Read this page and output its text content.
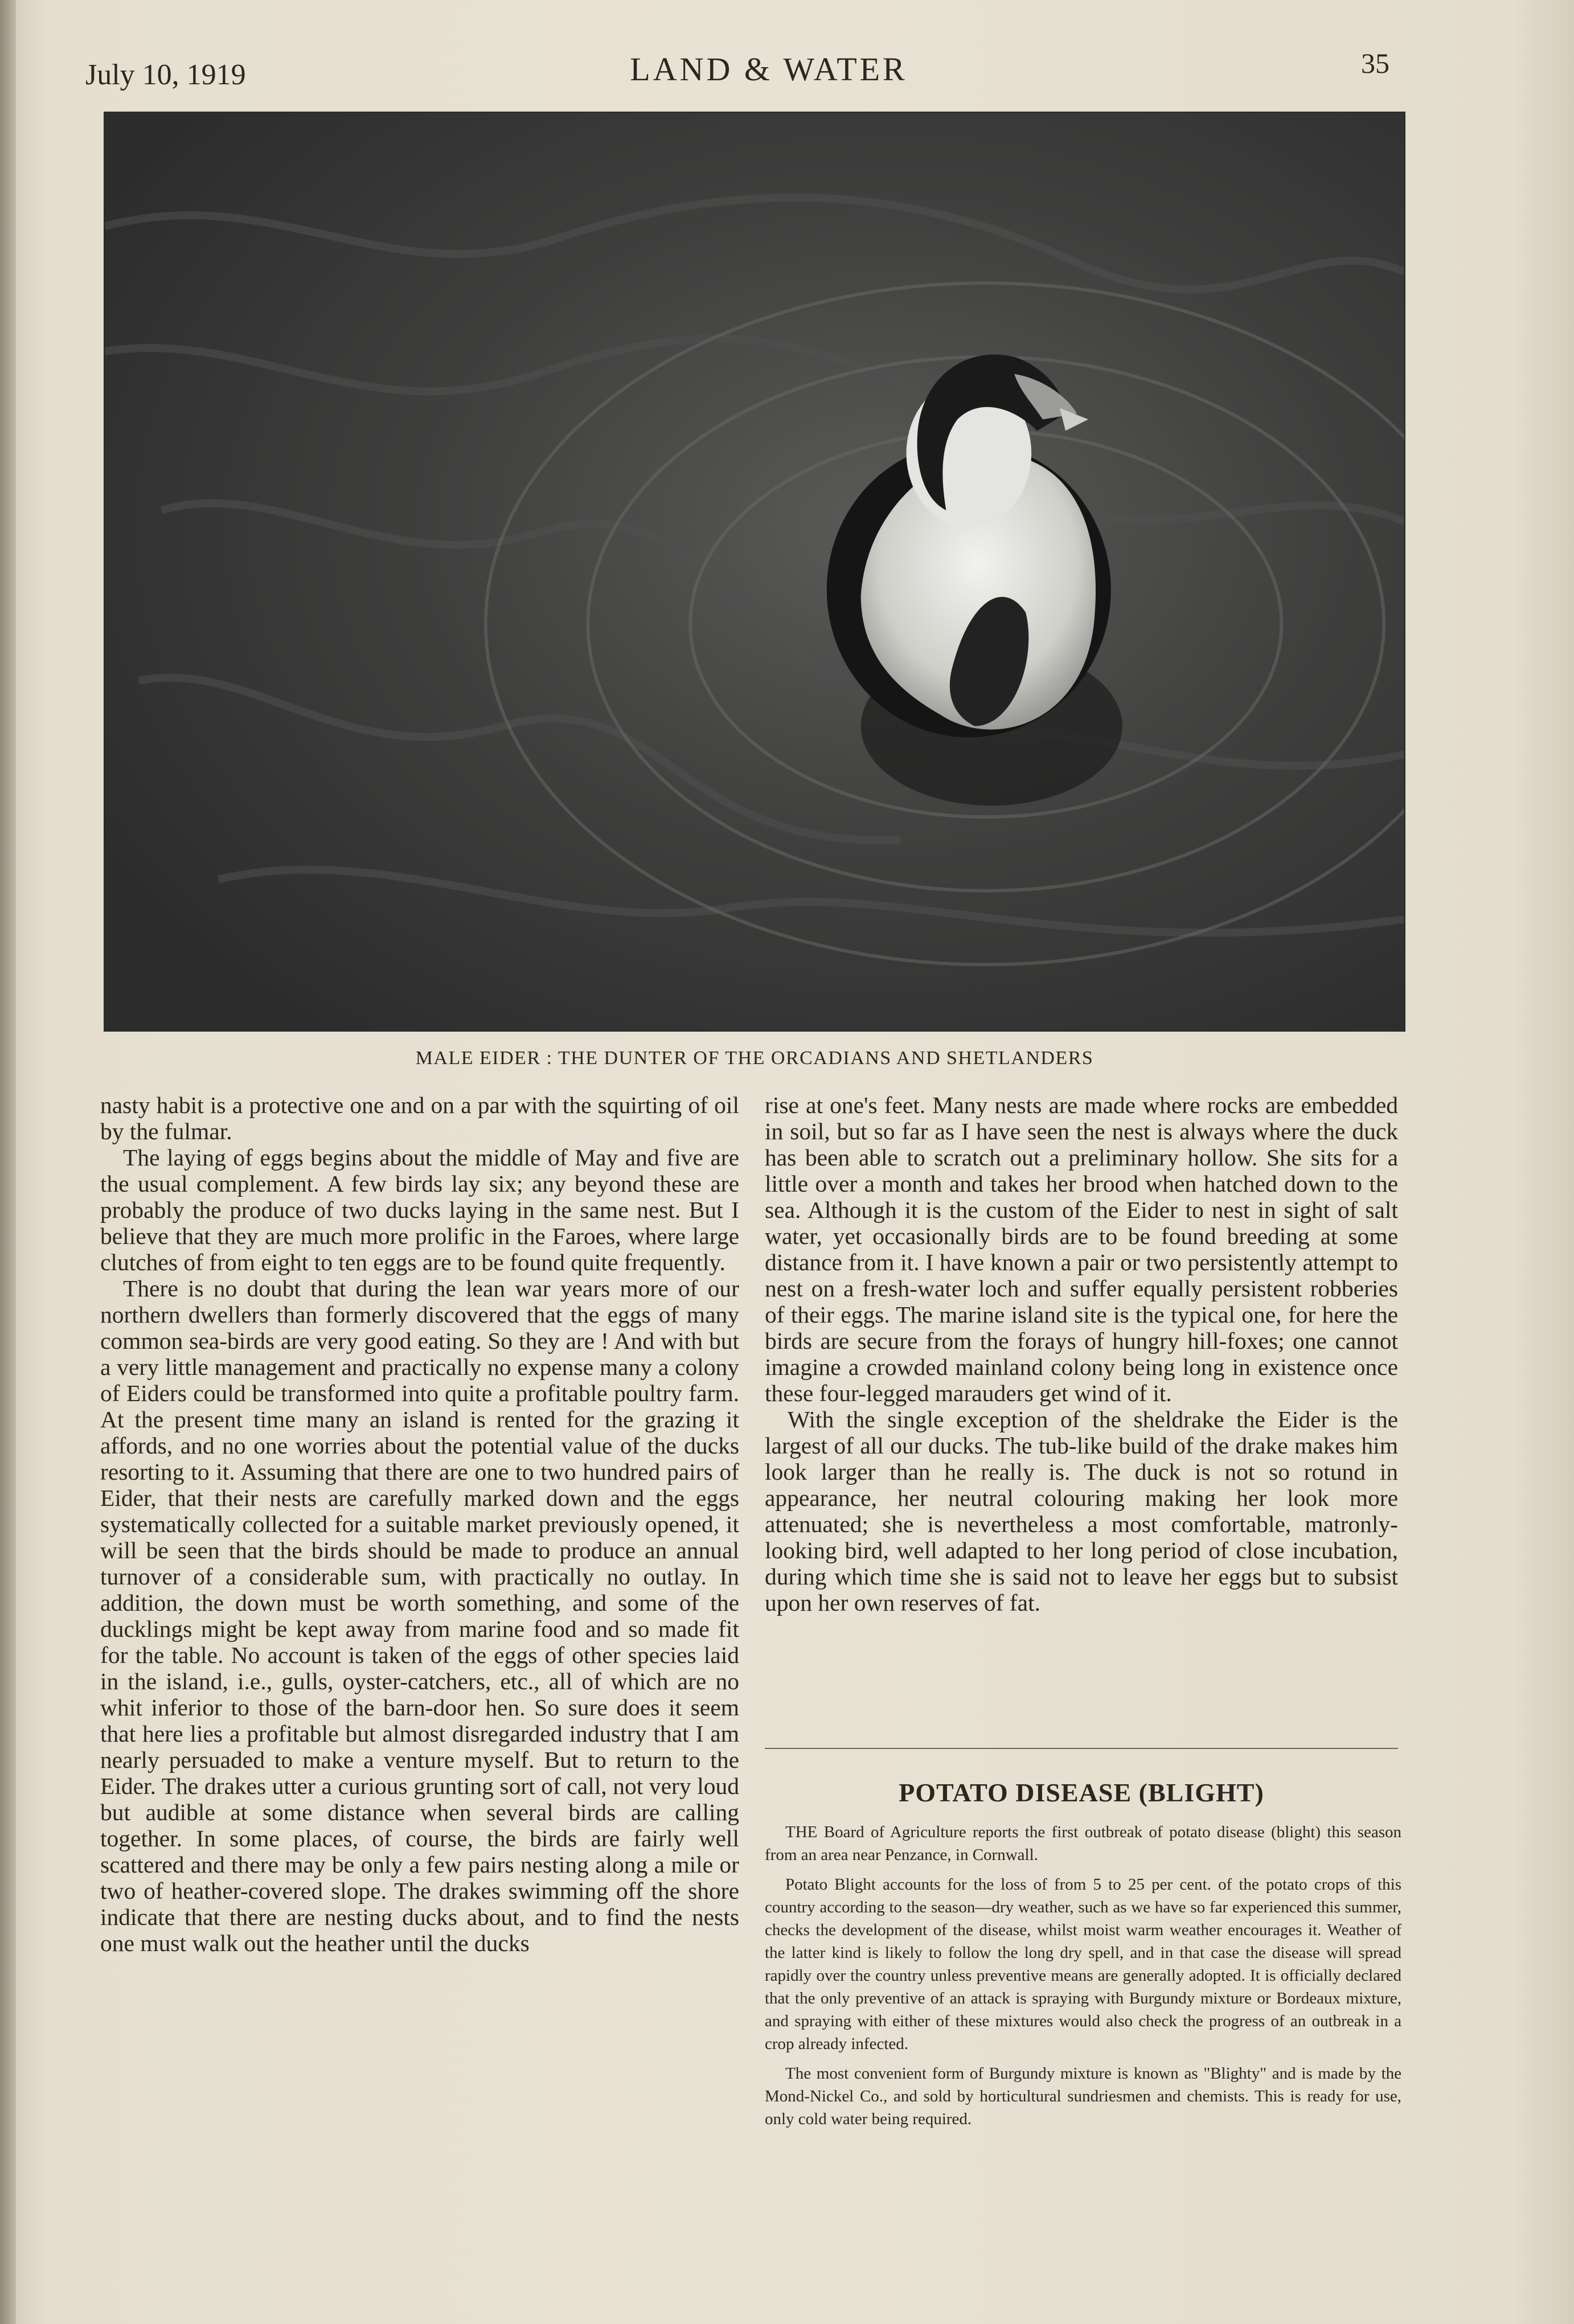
July 10, 1919	LAND & WATER	35
MALE EIDER : THE DUNTER OF THE ORCADIANS AND SHETLANDERS

nasty habit is a protective one and on a par with the squirting of oil by the fulmar.

The laying of eggs begins about the middle of May and five are the usual complement. A few birds lay six; any beyond these are probably the produce of two ducks laying in the same nest. But I believe that they are much more prolific in the Faroes, where large clutches of from eight to ten eggs are to be found quite frequently.

There is no doubt that during the lean war years more of our northern dwellers than formerly discovered that the eggs of many common sea-birds are very good eating. So they are ! And with but a very little management and practically no expense many a colony of Eiders could be transformed into quite a profitable poultry farm. At the present time many an island is rented for the grazing it affords, and no one worries about the potential value of the ducks resorting to it. Assuming that there are one to two hundred pairs of Eider, that their nests are carefully marked down and the eggs systematically collected for a suitable market previously opened, it will be seen that the birds should be made to produce an annual turnover of a considerable sum, with practically no outlay. In addition, the down must be worth something, and some of the ducklings might be kept away from marine food and so made fit for the table. No account is taken of the eggs of other species laid in the island, i.e., gulls, oyster-catchers, etc., all of which are no whit inferior to those of the barn-door hen. So sure does it seem that here lies a profitable but almost disregarded industry that I am nearly persuaded to make a venture myself. But to return to the Eider. The drakes utter a curious grunting sort of call, not very loud but audible at some distance when several birds are calling together. In some places, of course, the birds are fairly well scattered and there may be only a few pairs nesting along a mile or two of heather-covered slope. The drakes swimming off the shore indicate that there are nesting ducks about, and to find the nests one must walk out the heather until the ducks

rise at one's feet. Many nests are made where rocks are embedded in soil, but so far as I have seen the nest is always where the duck has been able to scratch out a preliminary hollow. She sits for a little over a month and takes her brood when hatched down to the sea. Although it is the custom of the Eider to nest in sight of salt water, yet occasionally birds are to be found breeding at some distance from it. I have known a pair or two persistently attempt to nest on a fresh-water loch and suffer equally persistent robberies of their eggs. The marine island site is the typical one, for here the birds are secure from the forays of hungry hill-foxes; one cannot imagine a crowded mainland colony being long in existence once these four-legged marauders get wind of it.

With the single exception of the sheldrake the Eider is the largest of all our ducks. The tub-like build of the drake makes him look larger than he really is. The duck is not so rotund in appearance, her neutral colouring making her look more attenuated; she is nevertheless a most comfortable, matronly-looking bird, well adapted to her long period of close incubation, during which time she is said not to leave her eggs but to subsist upon her own reserves of fat.

POTATO DISEASE (BLIGHT)

THE Board of Agriculture reports the first outbreak of potato disease (blight) this season from an area near Penzance, in Cornwall.

Potato Blight accounts for the loss of from 5 to 25 per cent. of the potato crops of this country according to the season—dry weather, such as we have so far experienced this summer, checks the development of the disease, whilst moist warm weather encourages it. Weather of the latter kind is likely to follow the long dry spell, and in that case the disease will spread rapidly over the country unless preventive means are generally adopted. It is officially declared that the only preventive of an attack is spraying with Burgundy mixture or Bordeaux mixture, and spraying with either of these mixtures would also check the progress of an outbreak in a crop already infected.

The most convenient form of Burgundy mixture is known as "Blighty" and is made by the Mond-Nickel Co., and sold by horticultural sundriesmen and chemists. This is ready for use, only cold water being required.
